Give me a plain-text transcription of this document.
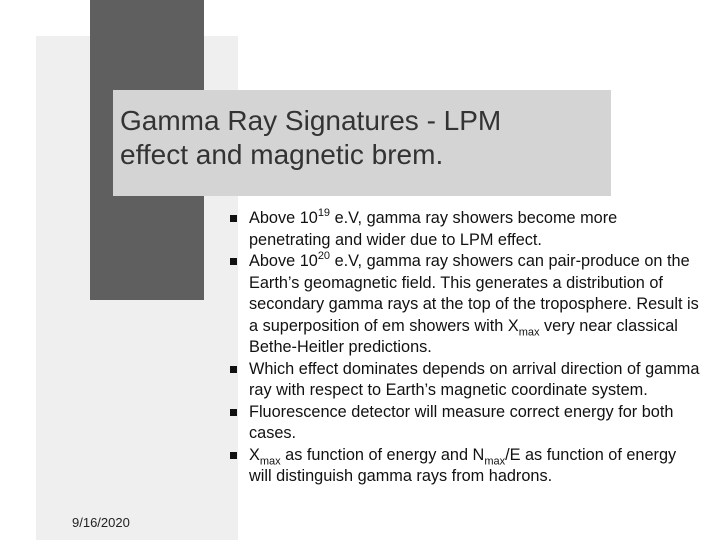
Gamma Ray Signatures - LPM
effect and magnetic brem.
Above $10^{19}$ e.V, gamma ray showers become more penetrating and wider due to LPM effect.
Above $10^{20}$ e.V, gamma ray showers can pair-produce on the Earth’s geomagnetic field. This generates a distribution of secondary gamma rays at the top of the troposphere. Result is a superposition of em showers with $X_{max}$ very near classical Bethe-Heitler predictions.
Which effect dominates depends on arrival direction of gamma ray with respect to Earth’s magnetic coordinate system.
Fluorescence detector will measure correct energy for both cases.
$X_{max}$ as function of energy and $N_{max}/E$ as function of energy will distinguish gamma rays from hadrons.
9/16/2020
